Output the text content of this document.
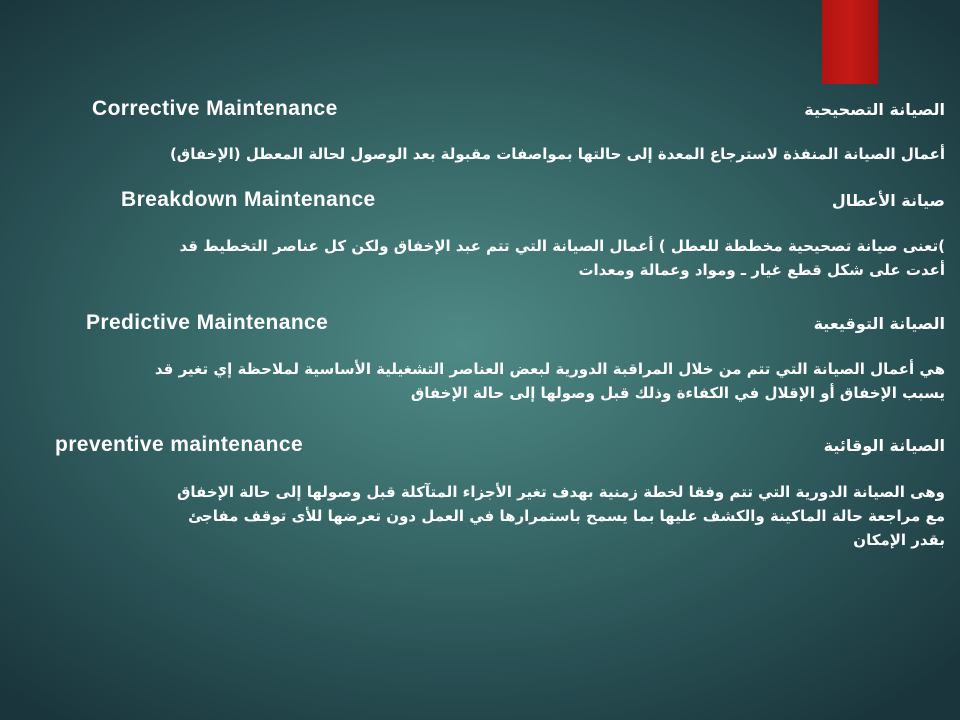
Corrective Maintenance	الصيانة التصحيحية
أعمال الصيانة المنفذة لاسترجاع المعدة إلى حالتها بمواصفات مقبولة بعد الوصول لحالة المعطل (الإخفاق)
Breakdown Maintenance	صيانة الأعطال
)تعنى صيانة تصحيحية مخططة للعطل ) أعمال الصيانة التي تتم عبد الإخفاق ولكن كل عناصر التخطيط قد
أعدت على شكل قطع غيار ـ ومواد وعمالة ومعدات
Predictive Maintenance	الصيانة التوقيعية
هي أعمال الصيانة التي تتم من خلال المراقبة الدورية لبعض العناصر التشغيلية الأساسية لملاحظة إي تغير قد
يسبب الإخفاق أو الإقلال في الكفاءة وذلك قبل وصولها إلى حالة الإخفاق
preventive maintenance	الصيانة الوقائية
وهى الصيانة الدورية التي تتم وفقا لخطة زمنية بهدف تغير الأجزاء المتآكلة قبل وصولها إلى حالة الإخفاق
مع مراجعة حالة الماكينة والكشف عليها بما يسمح باستمرارها في العمل دون تعرضها للأى توقف مفاجئ
بقدر الإمكان
